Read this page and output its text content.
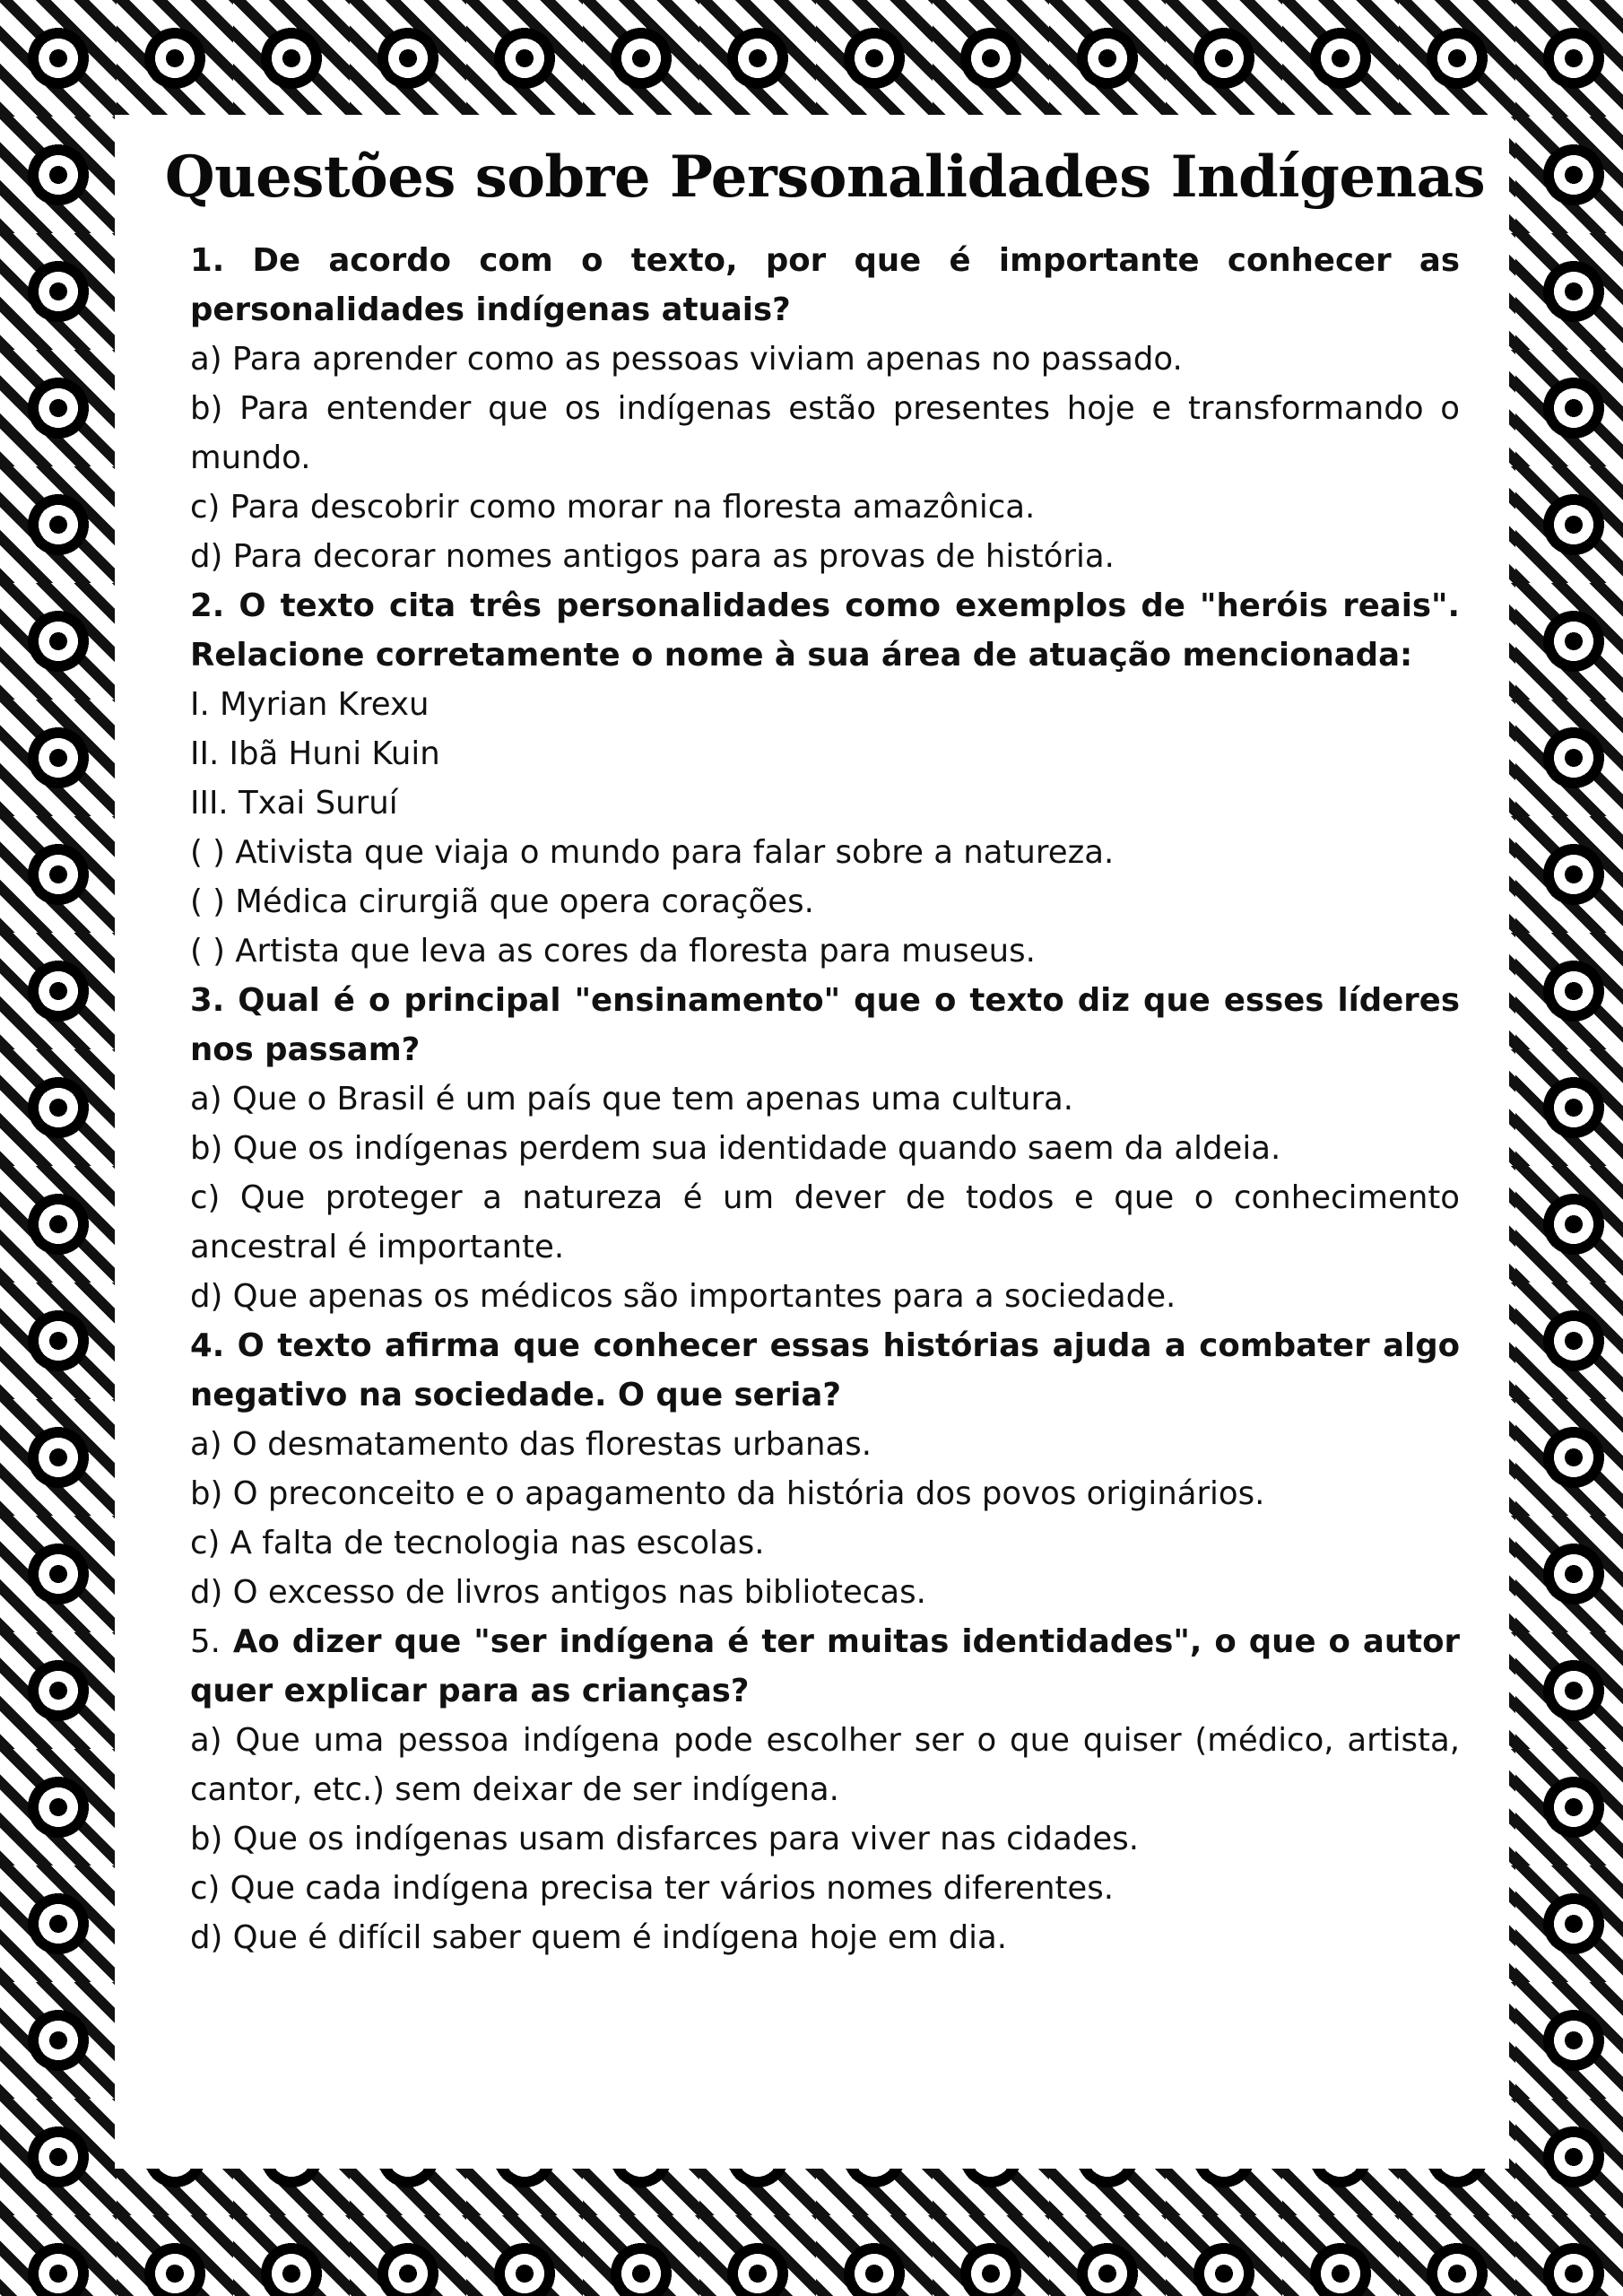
Questões sobre Personalidades Indígenas

1. De acordo com o texto, por que é importante conhecer as personalidades indígenas atuais?

a) Para aprender como as pessoas viviam apenas no passado.

b) Para entender que os indígenas estão presentes hoje e transformando o mundo.

c) Para descobrir como morar na floresta amazônica.

d) Para decorar nomes antigos para as provas de história.

2. O texto cita três personalidades como exemplos de "heróis reais". Relacione corretamente o nome à sua área de atuação mencionada:

I. Myrian Krexu

II. Ibã Huni Kuin

III. Txai Suruí

( ) Ativista que viaja o mundo para falar sobre a natureza.

( ) Médica cirurgiã que opera corações.

( ) Artista que leva as cores da floresta para museus.

3. Qual é o principal "ensinamento" que o texto diz que esses líderes nos passam?

a) Que o Brasil é um país que tem apenas uma cultura.

b) Que os indígenas perdem sua identidade quando saem da aldeia.

c) Que proteger a natureza é um dever de todos e que o conhecimento ancestral é importante.

d) Que apenas os médicos são importantes para a sociedade.

4. O texto afirma que conhecer essas histórias ajuda a combater algo negativo na sociedade. O que seria?

a) O desmatamento das florestas urbanas.

b) O preconceito e o apagamento da história dos povos originários.

c) A falta de tecnologia nas escolas.

d) O excesso de livros antigos nas bibliotecas.

5. Ao dizer que "ser indígena é ter muitas identidades", o que o autor quer explicar para as crianças?

a) Que uma pessoa indígena pode escolher ser o que quiser (médico, artista, cantor, etc.) sem deixar de ser indígena.

b) Que os indígenas usam disfarces para viver nas cidades.

c) Que cada indígena precisa ter vários nomes diferentes.

d) Que é difícil saber quem é indígena hoje em dia.
